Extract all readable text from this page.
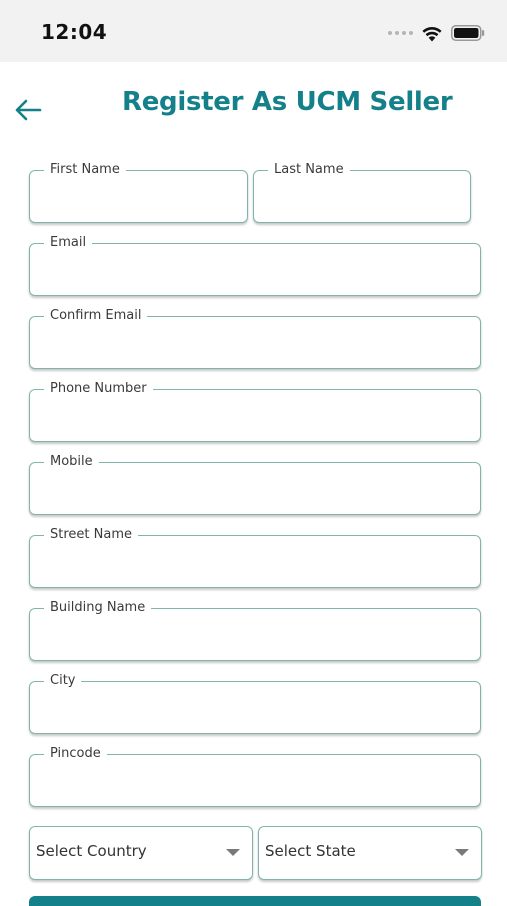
12:04
Register As UCM Seller
First Name	Last Name
Email
Confirm Email
Phone Number
Mobile
Street Name
Building Name
City
Pincode
Select Country	Select State
